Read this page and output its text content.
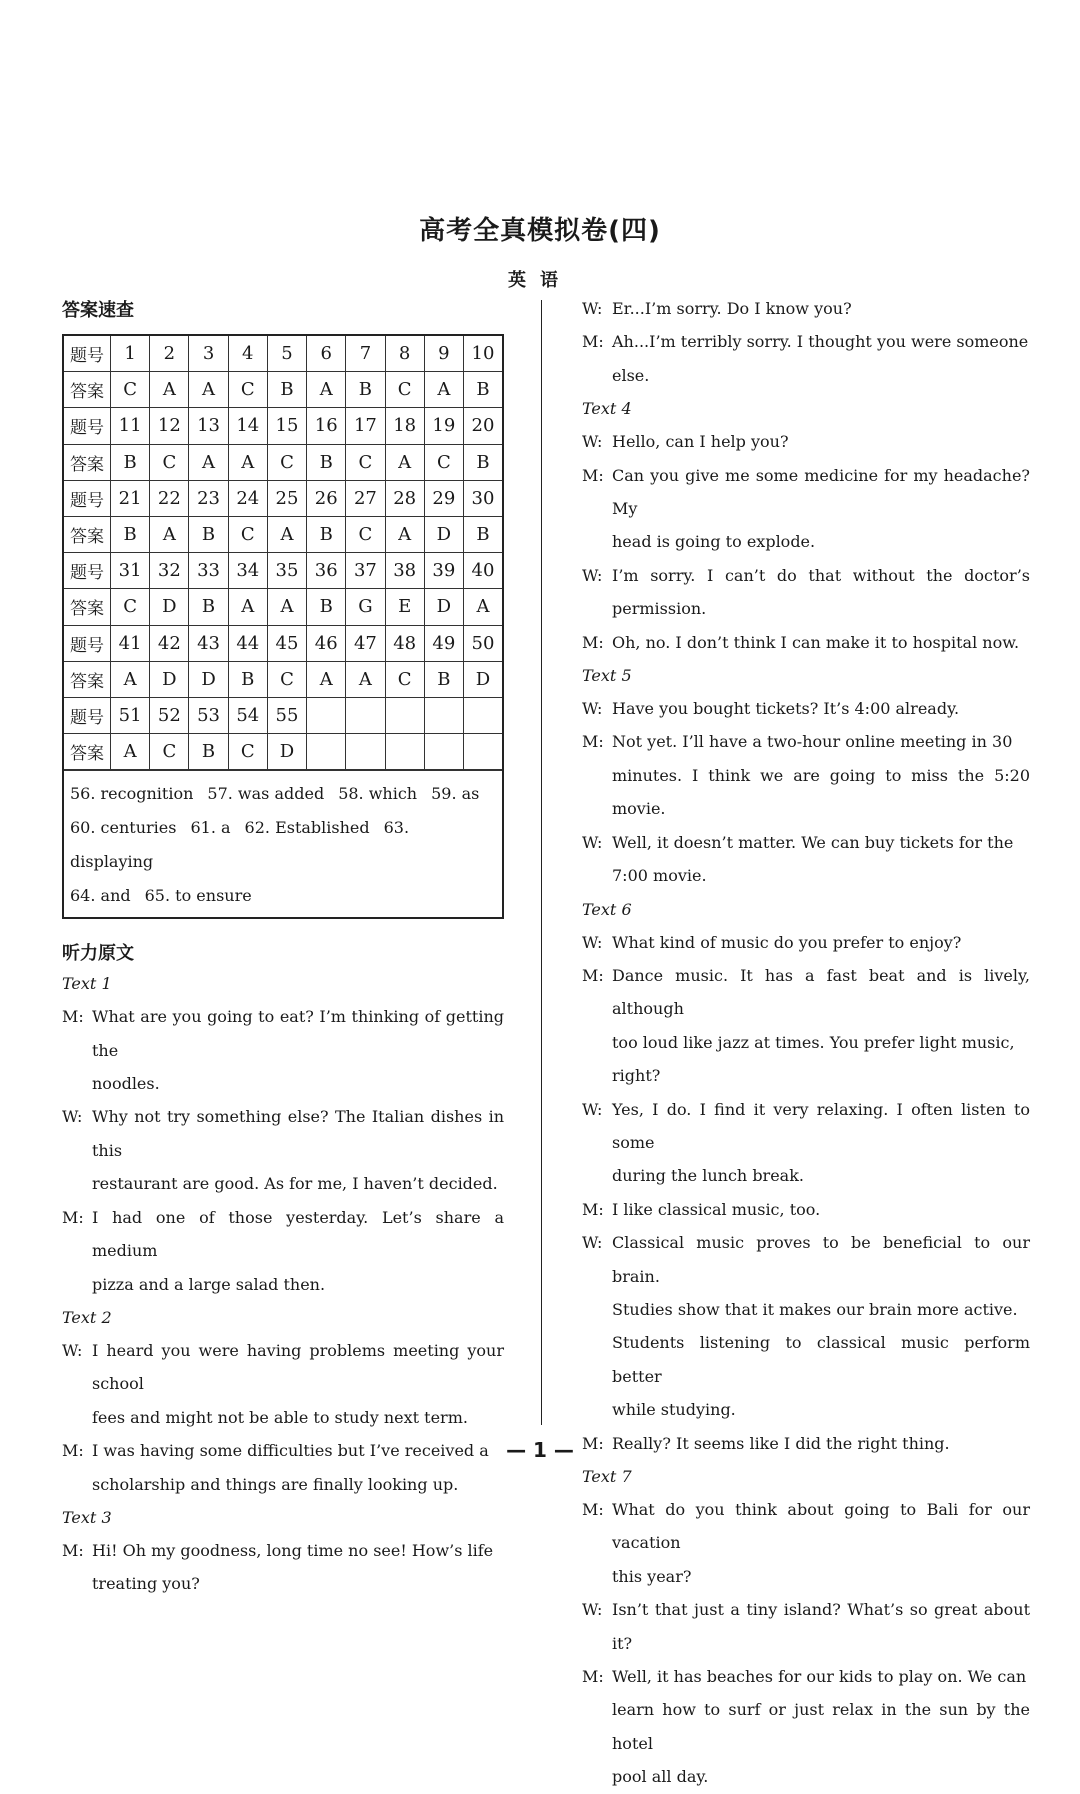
高考全真模拟卷(四)
英语
答案速查
题号	1	2	3	4	5	6	7	8	9	10
答案	C	A	A	C	B	A	B	C	A	B
题号	11	12	13	14	15	16	17	18	19	20
答案	B	C	A	A	C	B	C	A	C	B
题号	21	22	23	24	25	26	27	28	29	30
答案	B	A	B	C	A	B	C	A	D	B
题号	31	32	33	34	35	36	37	38	39	40
答案	C	D	B	A	A	B	G	E	D	A
题号	41	42	43	44	45	46	47	48	49	50
答案	A	D	D	B	C	A	A	C	B	D
题号	51	52	53	54	55					
答案	A	C	B	C	D					
56. recognition 57. was added 58. which 59. as
60. centuries 61. a 62. Established 63. displaying
64. and 65. to ensure
听力原文
Text 1
M: What are you going to eat? I’m thinking of getting the
noodles.
W: Why not try something else? The Italian dishes in this
restaurant are good. As for me, I haven’t decided.
M: I had one of those yesterday. Let’s share a medium
pizza and a large salad then.
Text 2
W: I heard you were having problems meeting your school
fees and might not be able to study next term.
M: I was having some difficulties but I’ve received a
scholarship and things are finally looking up.
Text 3
M: Hi! Oh my goodness, long time no see! How’s life
treating you?
W: Er...I’m sorry. Do I know you?
M: Ah...I’m terribly sorry. I thought you were someone
else.
Text 4
W: Hello, can I help you?
M: Can you give me some medicine for my headache? My
head is going to explode.
W: I’m sorry. I can’t do that without the doctor’s permission.
M: Oh, no. I don’t think I can make it to hospital now.
Text 5
W: Have you bought tickets? It’s 4:00 already.
M: Not yet. I’ll have a two-hour online meeting in 30
minutes. I think we are going to miss the 5:20 movie.
W: Well, it doesn’t matter. We can buy tickets for the
7:00 movie.
Text 6
W: What kind of music do you prefer to enjoy?
M: Dance music. It has a fast beat and is lively, although
too loud like jazz at times. You prefer light music,
right?
W: Yes, I do. I find it very relaxing. I often listen to some
during the lunch break.
M: I like classical music, too.
W: Classical music proves to be beneficial to our brain.
Studies show that it makes our brain more active.
Students listening to classical music perform better
while studying.
M: Really? It seems like I did the right thing.
Text 7
M: What do you think about going to Bali for our vacation
this year?
W: Isn’t that just a tiny island? What’s so great about it?
M: Well, it has beaches for our kids to play on. We can
learn how to surf or just relax in the sun by the hotel
pool all day.
— 1 —
